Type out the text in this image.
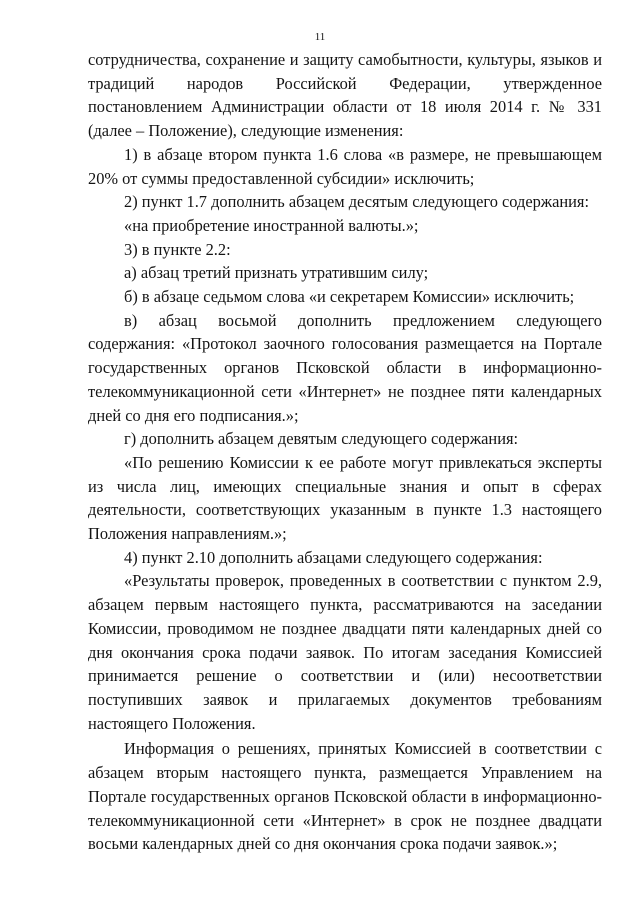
11

сотрудничества, сохранение и защиту самобытности, культуры, языков и традиций народов Российской Федерации, утвержденное постановлением Администрации области от 18 июля 2014 г. № 331 (далее – Положение), следующие изменения:

1) в абзаце втором пункта 1.6 слова «в размере, не превышающем 20% от суммы предоставленной субсидии» исключить;

2) пункт 1.7 дополнить абзацем десятым следующего содержания:

«на приобретение иностранной валюты.»;

3) в пункте 2.2:

а) абзац третий признать утратившим силу;

б) в абзаце седьмом слова «и секретарем Комиссии» исключить;

в) абзац восьмой дополнить предложением следующего содержания: «Протокол заочного голосования размещается на Портале государственных органов Псковской области в информационно-телекоммуникационной сети «Интернет» не позднее пяти календарных дней со дня его подписания.»;

г) дополнить абзацем девятым следующего содержания:

«По решению Комиссии к ее работе могут привлекаться эксперты из числа лиц, имеющих специальные знания и опыт в сферах деятельности, соответствующих указанным в пункте 1.3 настоящего Положения направлениям.»;

4) пункт 2.10 дополнить абзацами следующего содержания:

«Результаты проверок, проведенных в соответствии с пунктом 2.9, абзацем первым настоящего пункта, рассматриваются на заседании Комиссии, проводимом не позднее двадцати пяти календарных дней со дня окончания срока подачи заявок. По итогам заседания Комиссией принимается решение о соответствии и (или) несоответствии поступивших заявок и прилагаемых документов требованиям настоящего Положения.

Информация о решениях, принятых Комиссией в соответствии с абзацем вторым настоящего пункта, размещается Управлением на Портале государственных органов Псковской области в информационно-телекоммуникационной сети «Интернет» в срок не позднее двадцати восьми календарных дней со дня окончания срока подачи заявок.»;
